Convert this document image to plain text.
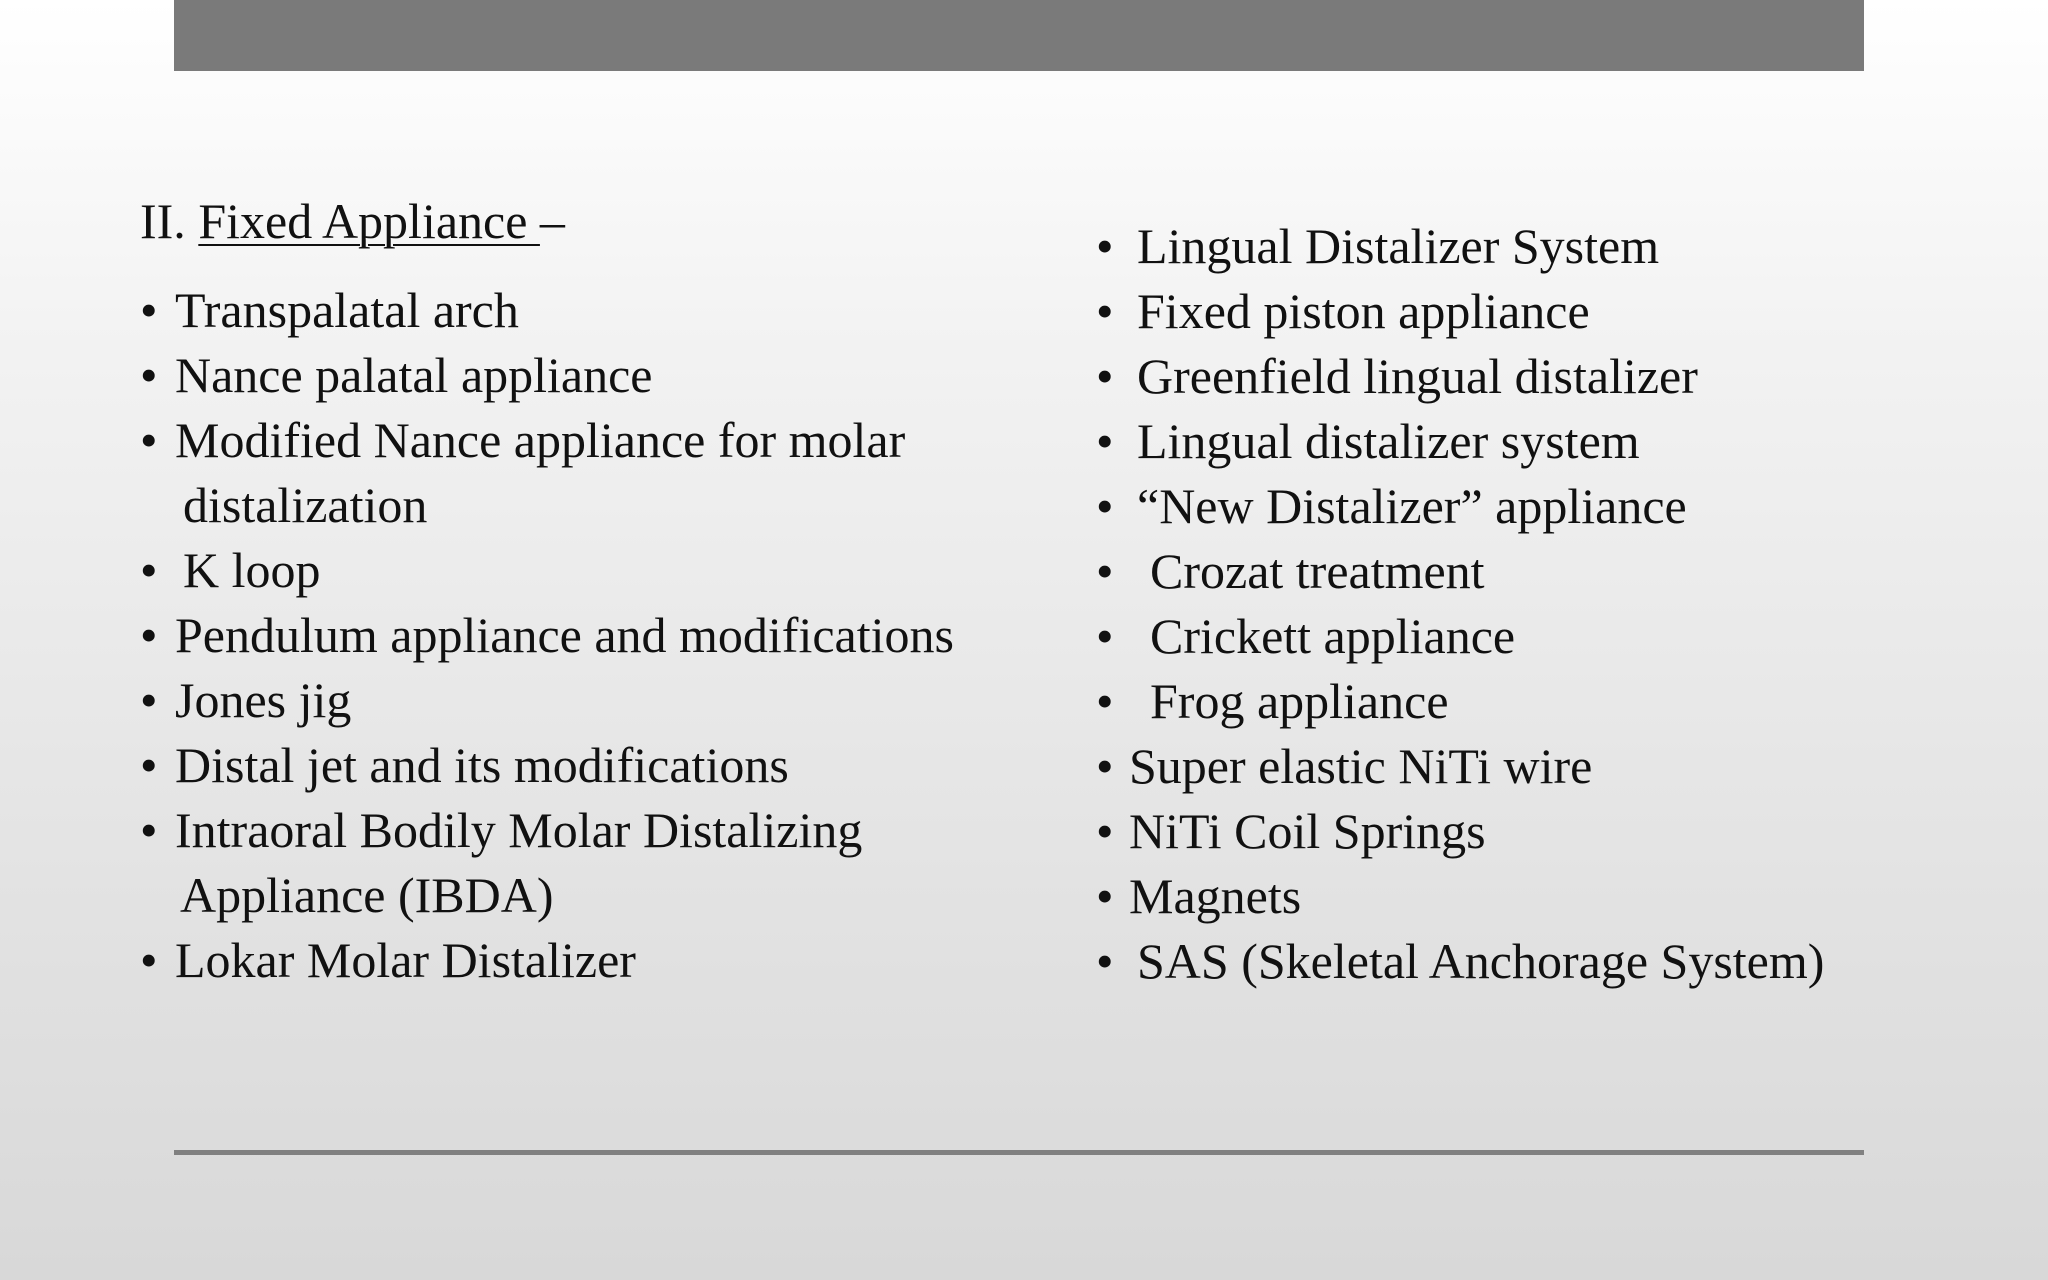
II. Fixed Appliance –
• Transpalatal arch
• Nance palatal appliance
• Modified Nance appliance for molar
distalization
• K loop
• Pendulum appliance and modifications
• Jones jig
• Distal jet and its modifications
• Intraoral Bodily Molar Distalizing
Appliance (IBDA)
• Lokar Molar Distalizer
• Lingual Distalizer System
• Fixed piston appliance
• Greenfield lingual distalizer
• Lingual distalizer system
• “New Distalizer” appliance
• Crozat treatment
• Crickett appliance
• Frog appliance
• Super elastic NiTi wire
• NiTi Coil Springs
• Magnets
• SAS (Skeletal Anchorage System)
